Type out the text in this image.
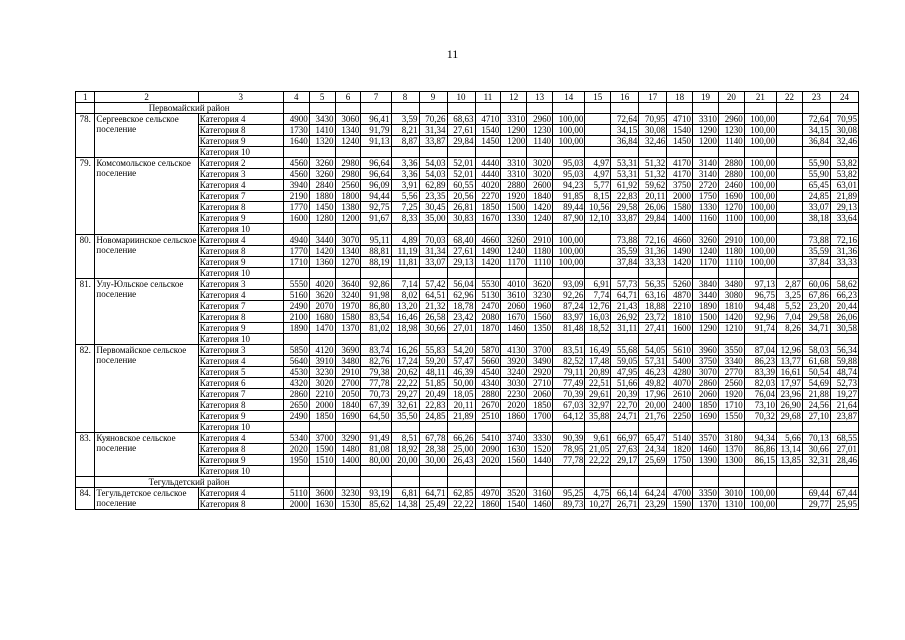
11
1	2	3	4	5	6	7	8	9	10	11	12	13	14	15	16	17	18	19	20	21	22	23	24
	Первомайский район																						
78.	Сергеевское сельское поселение	Категория 4	4900	3430	3060	96,41	3,59	70,26	68,63	4710	3310	2960	100,00		72,64	70,95	4710	3310	2960	100,00		72,64	70,95
		Категория 8	1730	1410	1340	91,79	8,21	31,34	27,61	1540	1290	1230	100,00		34,15	30,08	1540	1290	1230	100,00		34,15	30,08
		Категория 9	1640	1320	1240	91,13	8,87	33,87	29,84	1450	1200	1140	100,00		36,84	32,46	1450	1200	1140	100,00		36,84	32,46
		Категория 10																					
79.	Комсомольское сельское поселение	Категория 2	4560	3260	2980	96,64	3,36	54,03	52,01	4440	3310	3020	95,03	4,97	53,31	51,32	4170	3140	2880	100,00		55,90	53,82
		Категория 3	4560	3260	2980	96,64	3,36	54,03	52,01	4440	3310	3020	95,03	4,97	53,31	51,32	4170	3140	2880	100,00		55,90	53,82
		Категория 4	3940	2840	2560	96,09	3,91	62,89	60,55	4020	2880	2600	94,23	5,77	61,92	59,62	3750	2720	2460	100,00		65,45	63,01
		Категория 7	2190	1880	1800	94,44	5,56	23,35	20,56	2270	1920	1840	91,85	8,15	22,83	20,11	2000	1750	1690	100,00		24,85	21,89
		Категория 8	1770	1450	1380	92,75	7,25	30,45	26,81	1850	1500	1420	89,44	10,56	29,58	26,06	1580	1330	1270	100,00		33,07	29,13
		Категория 9	1600	1280	1200	91,67	8,33	35,00	30,83	1670	1330	1240	87,90	12,10	33,87	29,84	1400	1160	1100	100,00		38,18	33,64
		Категория 10																					
80.	Новомариинское сельское поселение	Категория 4	4940	3440	3070	95,11	4,89	70,03	68,40	4660	3260	2910	100,00		73,88	72,16	4660	3260	2910	100,00		73,88	72,16
		Категория 8	1770	1420	1340	88,81	11,19	31,34	27,61	1490	1240	1180	100,00		35,59	31,36	1490	1240	1180	100,00		35,59	31,36
		Категория 9	1710	1360	1270	88,19	11,81	33,07	29,13	1420	1170	1110	100,00		37,84	33,33	1420	1170	1110	100,00		37,84	33,33
		Категория 10																					
81.	Улу-Юльское сельское поселение	Категория 3	5550	4020	3640	92,86	7,14	57,42	56,04	5530	4010	3620	93,09	6,91	57,73	56,35	5260	3840	3480	97,13	2,87	60,06	58,62
		Категория 4	5160	3620	3240	91,98	8,02	64,51	62,96	5130	3610	3230	92,26	7,74	64,71	63,16	4870	3440	3080	96,75	3,25	67,86	66,23
		Категория 7	2490	2070	1970	86,80	13,20	21,32	18,78	2470	2060	1960	87,24	12,76	21,43	18,88	2210	1890	1810	94,48	5,52	23,20	20,44
		Категория 8	2100	1680	1580	83,54	16,46	26,58	23,42	2080	1670	1560	83,97	16,03	26,92	23,72	1810	1500	1420	92,96	7,04	29,58	26,06
		Категория 9	1890	1470	1370	81,02	18,98	30,66	27,01	1870	1460	1350	81,48	18,52	31,11	27,41	1600	1290	1210	91,74	8,26	34,71	30,58
		Категория 10																					
82.	Первомайское сельское поселение	Категория 3	5850	4120	3690	83,74	16,26	55,83	54,20	5870	4130	3700	83,51	16,49	55,68	54,05	5610	3960	3550	87,04	12,96	58,03	56,34
		Категория 4	5640	3910	3480	82,76	17,24	59,20	57,47	5660	3920	3490	82,52	17,48	59,05	57,31	5400	3750	3340	86,23	13,77	61,68	59,88
		Категория 5	4530	3230	2910	79,38	20,62	48,11	46,39	4540	3240	2920	79,11	20,89	47,95	46,23	4280	3070	2770	83,39	16,61	50,54	48,74
		Категория 6	4320	3020	2700	77,78	22,22	51,85	50,00	4340	3030	2710	77,49	22,51	51,66	49,82	4070	2860	2560	82,03	17,97	54,69	52,73
		Категория 7	2860	2210	2050	70,73	29,27	20,49	18,05	2880	2230	2060	70,39	29,61	20,39	17,96	2610	2060	1920	76,04	23,96	21,88	19,27
		Категория 8	2650	2000	1840	67,39	32,61	22,83	20,11	2670	2020	1850	67,03	32,97	22,70	20,00	2400	1850	1710	73,10	26,90	24,56	21,64
		Категория 9	2490	1850	1690	64,50	35,50	24,85	21,89	2510	1860	1700	64,12	35,88	24,71	21,76	2250	1690	1550	70,32	29,68	27,10	23,87
		Категория 10																					
83.	Куяновское сельское поселение	Категория 4	5340	3700	3290	91,49	8,51	67,78	66,26	5410	3740	3330	90,39	9,61	66,97	65,47	5140	3570	3180	94,34	5,66	70,13	68,55
		Категория 8	2020	1590	1480	81,08	18,92	28,38	25,00	2090	1630	1520	78,95	21,05	27,63	24,34	1820	1460	1370	86,86	13,14	30,66	27,01
		Категория 9	1950	1510	1400	80,00	20,00	30,00	26,43	2020	1560	1440	77,78	22,22	29,17	25,69	1750	1390	1300	86,15	13,85	32,31	28,46
		Категория 10																					
	Тегульдетский район																						
84.	Тегульдетское сельское поселение	Категория 4	5110	3600	3230	93,19	6,81	64,71	62,85	4970	3520	3160	95,25	4,75	66,14	64,24	4700	3350	3010	100,00		69,44	67,44
		Категория 8	2000	1630	1530	85,62	14,38	25,49	22,22	1860	1540	1460	89,73	10,27	26,71	23,29	1590	1370	1310	100,00		29,77	25,95
